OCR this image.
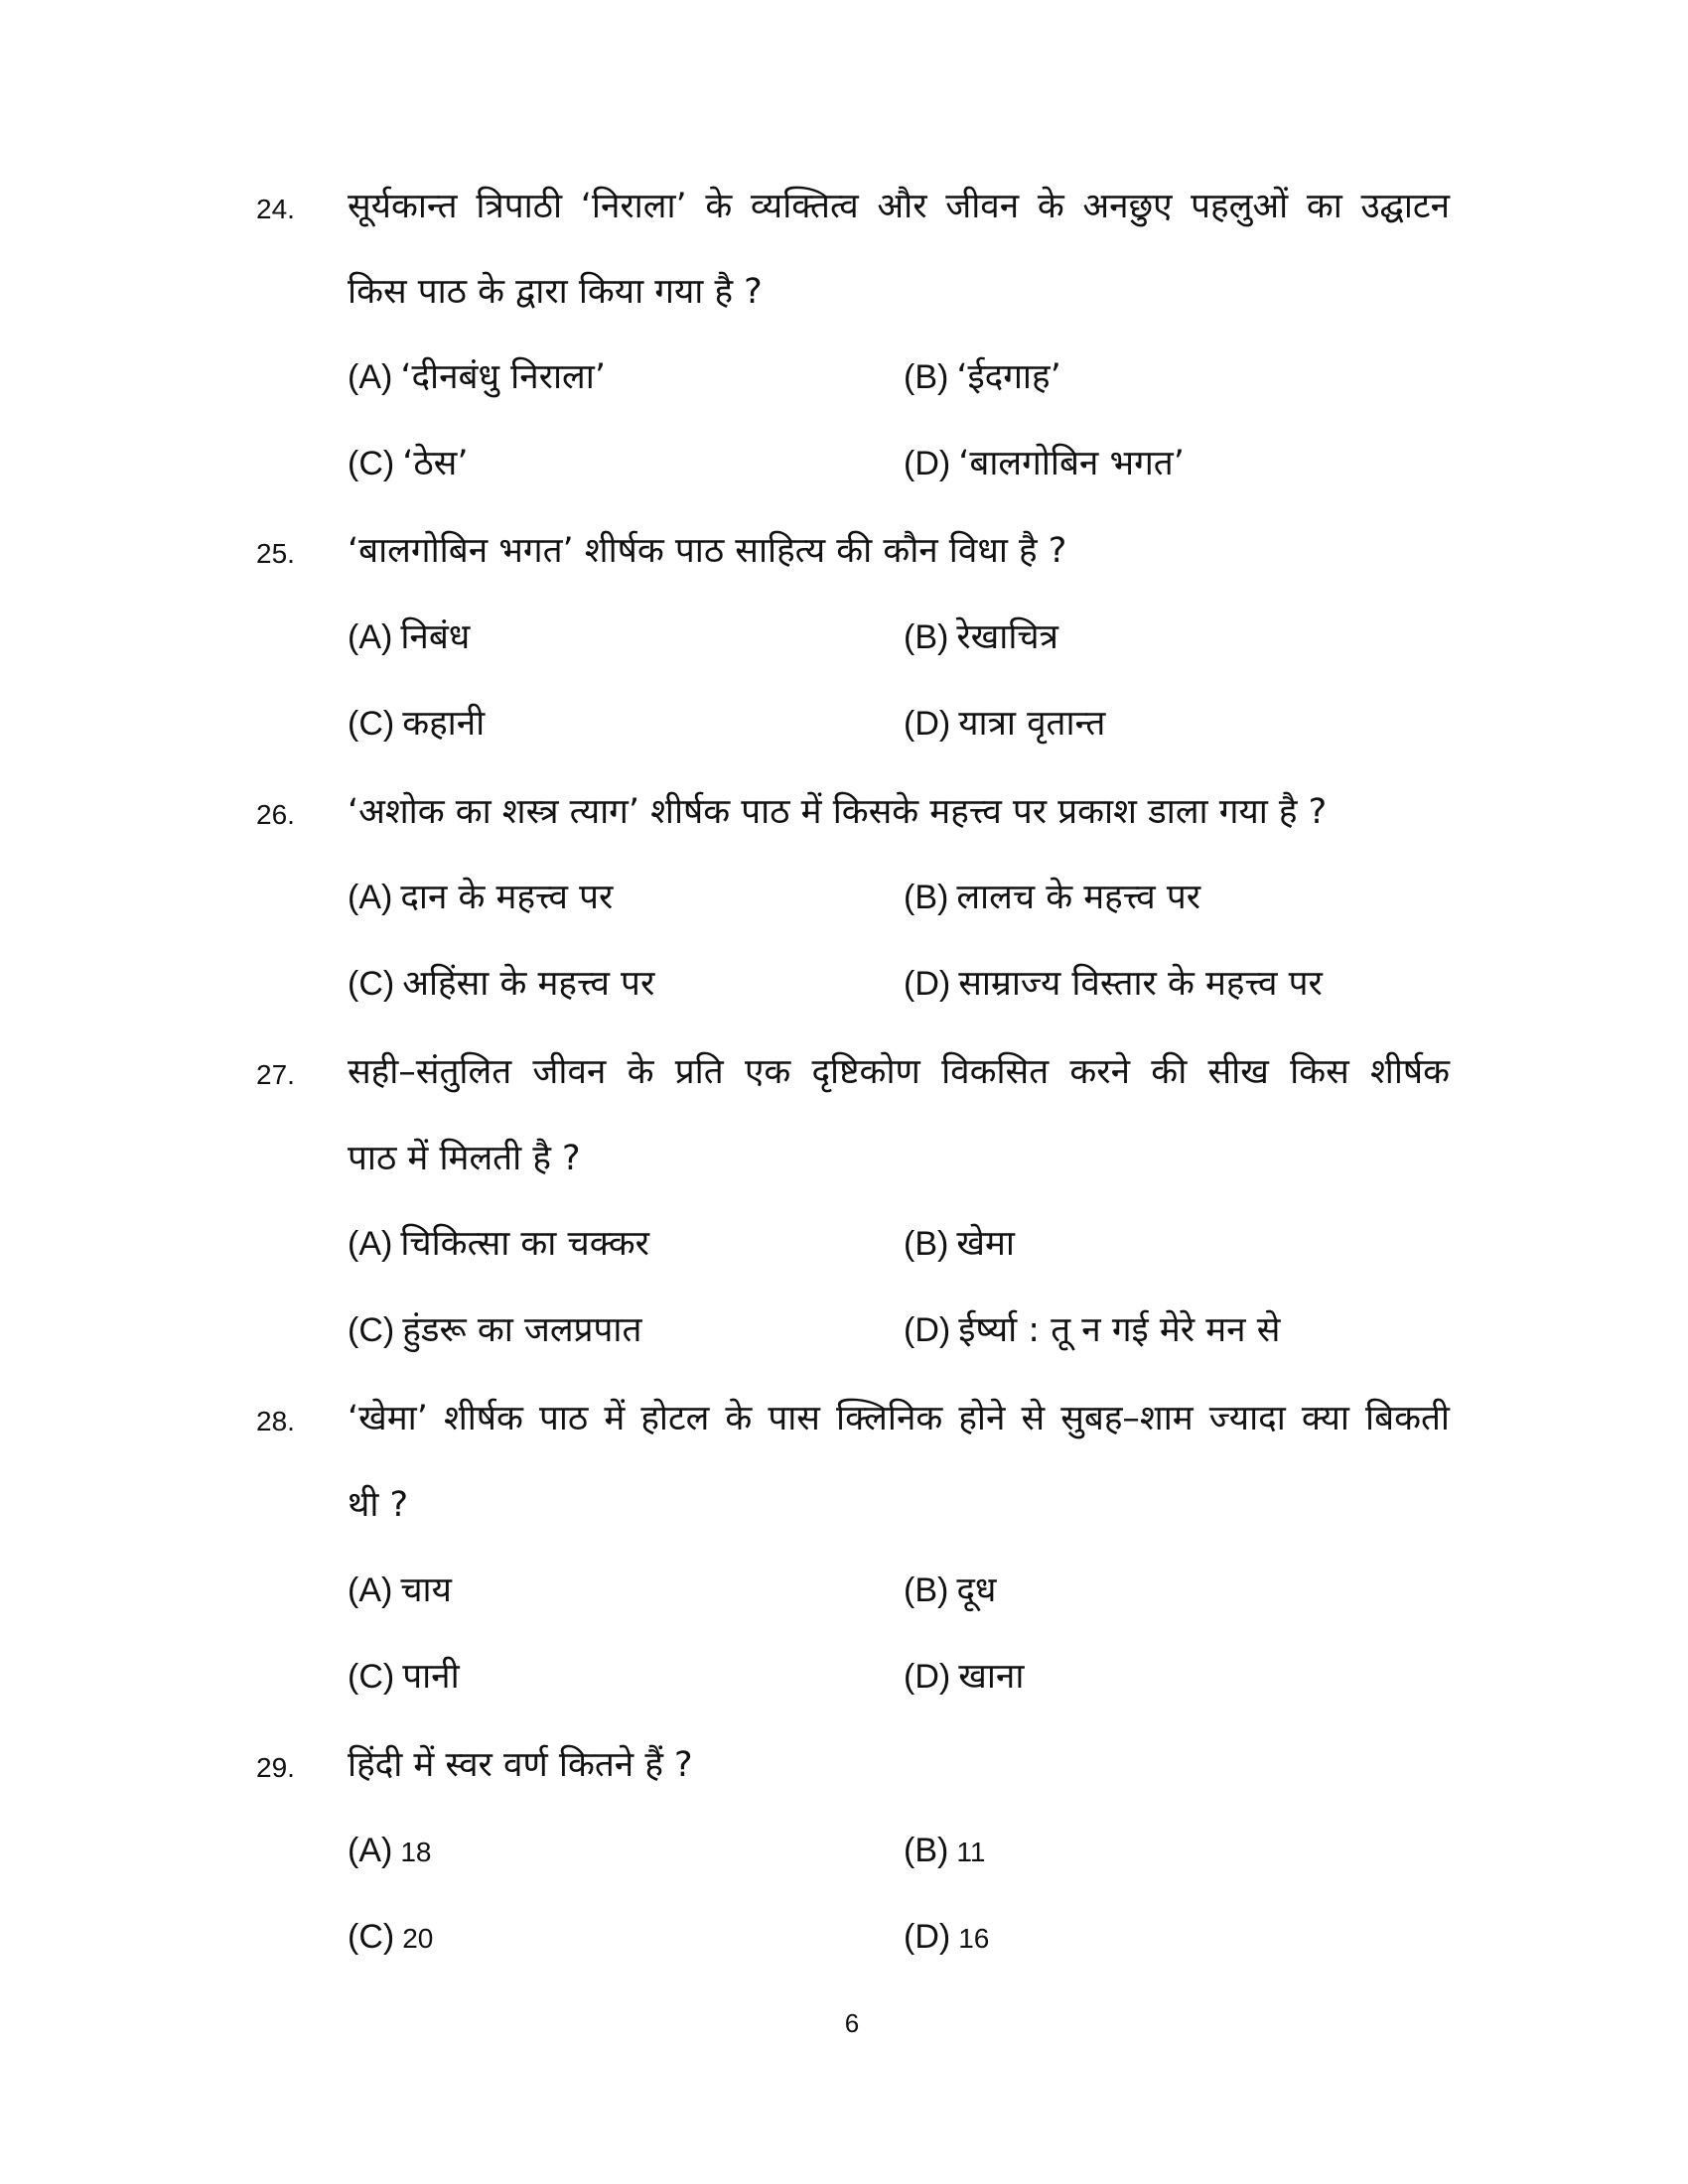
24. सूर्यकान्त त्रिपाठी ‘निराला’ के व्यक्तित्व और जीवन के अनछुए पहलुओं का उद्घाटन
किस पाठ के द्वारा किया गया है ?
(A) ‘दीनबंधु निराला’	(B) ‘ईदगाह’
(C) ‘ठेस’	(D) ‘बालगोबिन भगत’
25. ‘बालगोबिन भगत’ शीर्षक पाठ साहित्य की कौन विधा है ?
(A) निबंध	(B) रेखाचित्र
(C) कहानी	(D) यात्रा वृतान्त
26. ‘अशोक का शस्त्र त्याग’ शीर्षक पाठ में किसके महत्त्व पर प्रकाश डाला गया है ?
(A) दान के महत्त्व पर	(B) लालच के महत्त्व पर
(C) अहिंसा के महत्त्व पर	(D) साम्राज्य विस्तार के महत्त्व पर
27. सही–संतुलित जीवन के प्रति एक दृष्टिकोण विकसित करने की सीख किस शीर्षक
पाठ में मिलती है ?
(A) चिकित्सा का चक्कर	(B) खेमा
(C) हुंडरू का जलप्रपात	(D) ईर्ष्या : तू न गई मेरे मन से
28. ‘खेमा’ शीर्षक पाठ में होटल के पास क्लिनिक होने से सुबह–शाम ज्यादा क्या बिकती
थी ?
(A) चाय	(B) दूध
(C) पानी	(D) खाना
29. हिंदी में स्वर वर्ण कितने हैं ?
(A) 18	(B) 11
(C) 20	(D) 16
6
